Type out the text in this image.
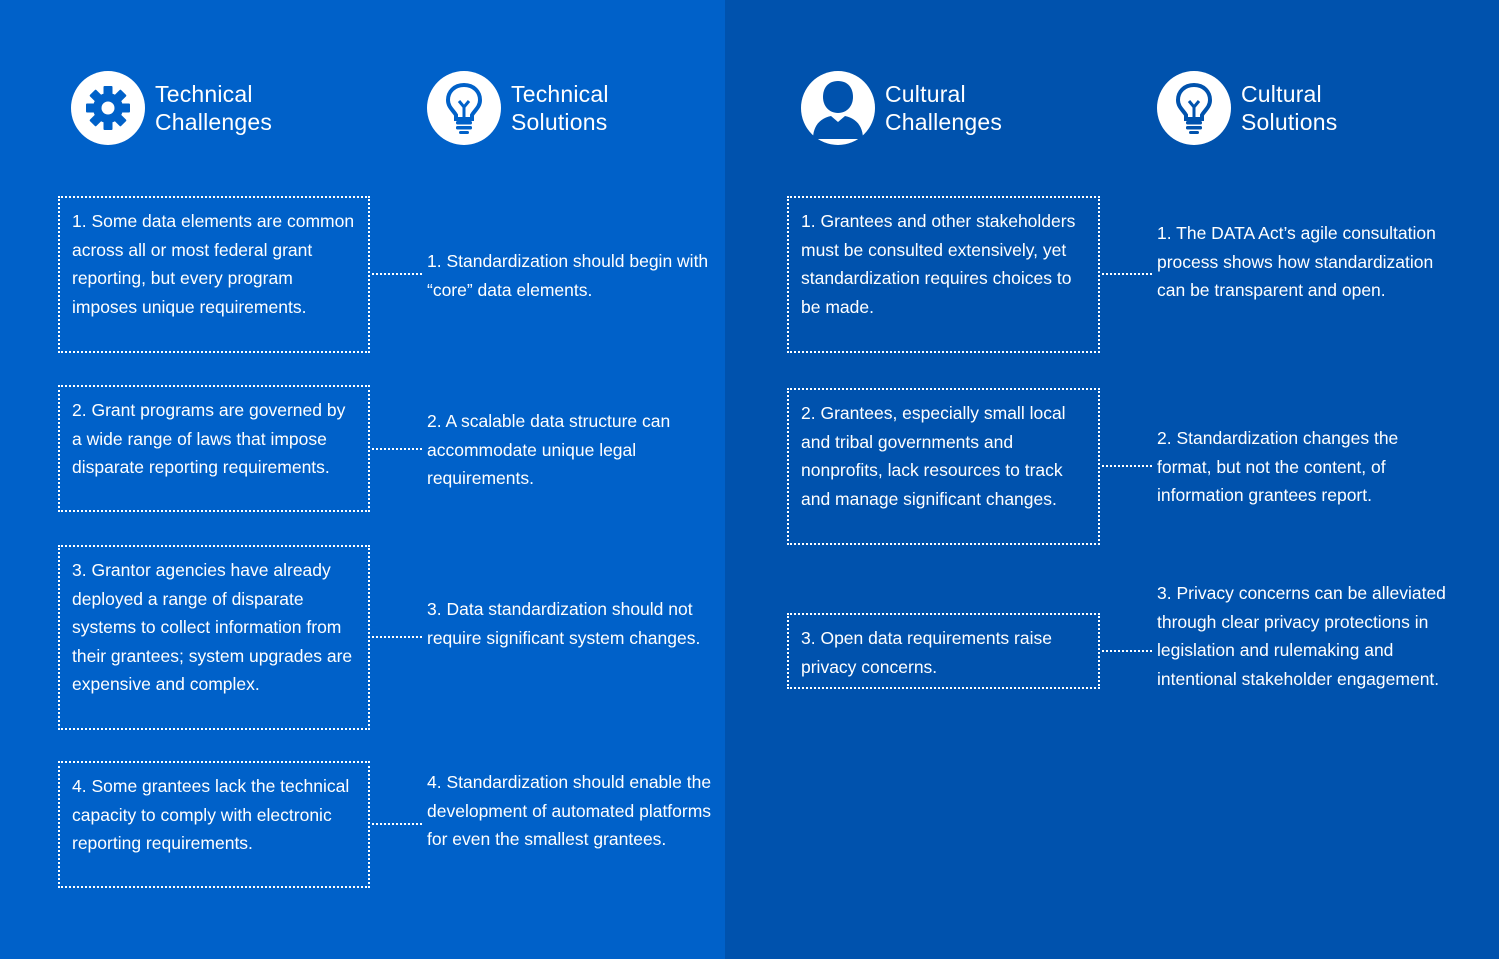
Technical
Challenges
Technical
Solutions
Cultural
Challenges
Cultural
Solutions
1. Some data elements are common across all or most federal grant reporting, but every program imposes unique requirements.
2. Grant programs are governed by a wide range of laws that impose disparate reporting requirements.
3. Grantor agencies have already deployed a range of disparate systems to collect information from their grantees; system upgrades are expensive and complex.
4. Some grantees lack the technical capacity to comply with electronic reporting requirements.
1. Standardization should begin with “core” data elements.
2. A scalable data structure can accommodate unique legal requirements.
3. Data standardization should not require significant system changes.
4. Standardization should enable the development of automated platforms for even the smallest grantees.
1. Grantees and other stakeholders must be consulted extensively, yet standardization requires choices to be made.
2. Grantees, especially small local and tribal governments and nonprofits, lack resources to track and manage significant changes.
3. Open data requirements raise privacy concerns.
1. The DATA Act’s agile consultation process shows how standardization can be transparent and open.
2. Standardization changes the format, but not the content, of information grantees report.
3. Privacy concerns can be alleviated through clear privacy protections in legislation and rulemaking and intentional stakeholder engagement.
